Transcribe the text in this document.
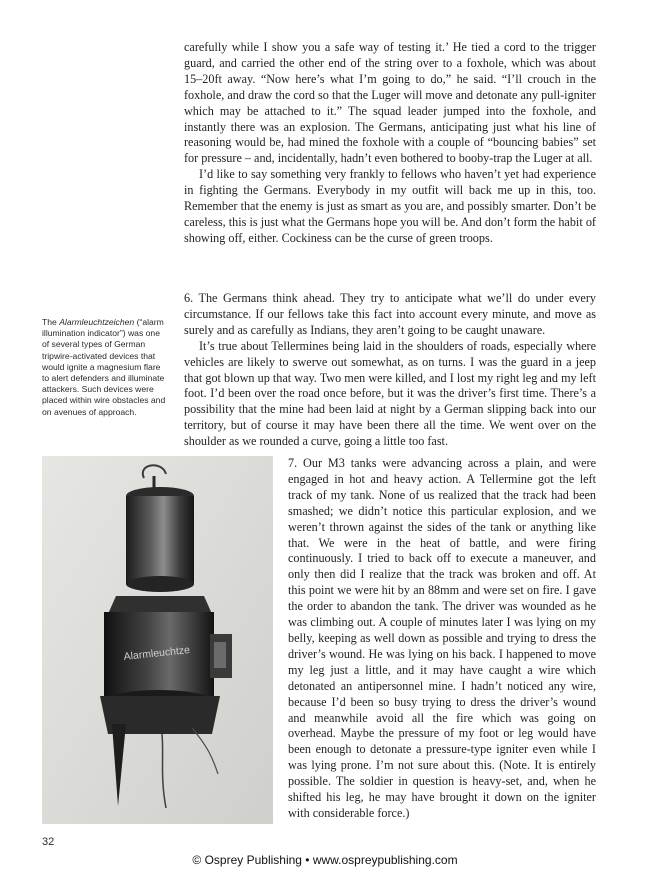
carefully while I show you a safe way of testing it.’ He tied a cord to the trigger guard, and carried the other end of the string over to a foxhole, which was about 15–20ft away. “Now here’s what I’m going to do,” he said. “I’ll crouch in the foxhole, and draw the cord so that the Luger will move and detonate any pull-igniter which may be attached to it.” The squad leader jumped into the foxhole, and instantly there was an explosion. The Germans, anticipating just what his line of reasoning would be, had mined the foxhole with a couple of “bouncing babies” set for pressure – and, incidentally, hadn’t even bothered to booby-trap the Luger at all.

I’d like to say something very frankly to fellows who haven’t yet had experience in fighting the Germans. Everybody in my outfit will back me up in this, too. Remember that the enemy is just as smart as you are, and possibly smarter. Don’t be careless, this is just what the Germans hope you will be. And don’t form the habit of showing off, either. Cockiness can be the curse of green troops.

6. The Germans think ahead. They try to anticipate what we’ll do under every circumstance. If our fellows take this fact into account every minute, and move as surely and as carefully as Indians, they aren’t going to be caught unaware.

It’s true about Tellermines being laid in the shoulders of roads, especially where vehicles are likely to swerve out somewhat, as on turns. I was the guard in a jeep that got blown up that way. Two men were killed, and I lost my right leg and my left foot. I’d been over the road once before, but it was the driver’s first time. There’s a possibility that the mine had been laid at night by a German slipping back into our territory, but of course it may have been there all the time. We went over on the shoulder as we rounded a curve, going a little too fast.

The Alarmleuchtzeichen (“alarm illumination indicator”) was one of several types of German tripwire-activated devices that would ignite a magnesium flare to alert defenders and illuminate attackers. Such devices were placed within wire obstacles and on avenues of approach.

Alarmleuchtze

7. Our M3 tanks were advancing across a plain, and were engaged in hot and heavy action. A Tellermine got the left track of my tank. None of us realized that the track had been smashed; we didn’t notice this particular explosion, and we weren’t thrown against the sides of the tank or anything like that. We were in the heat of battle, and were firing continuously. I tried to back off to execute a maneuver, and only then did I realize that the track was broken and off. At this point we were hit by an 88mm and were set on fire. I gave the order to abandon the tank. The driver was wounded as he was climbing out. A couple of minutes later I was lying on my belly, keeping as well down as possible and trying to dress the driver’s wound. He was lying on his back. I happened to move my leg just a little, and it may have caught a wire which detonated an antipersonnel mine. I hadn’t noticed any wire, because I’d been so busy trying to dress the driver’s wound and meanwhile avoid all the fire which was going on overhead. Maybe the pressure of my foot or leg would have been enough to detonate a pressure-type igniter even while I was lying prone. I’m not sure about this. (Note. It is entirely possible. The soldier in question is heavy-set, and, when he shifted his leg, he may have brought it down on the igniter with considerable force.)

32
© Osprey Publishing • www.ospreypublishing.com
